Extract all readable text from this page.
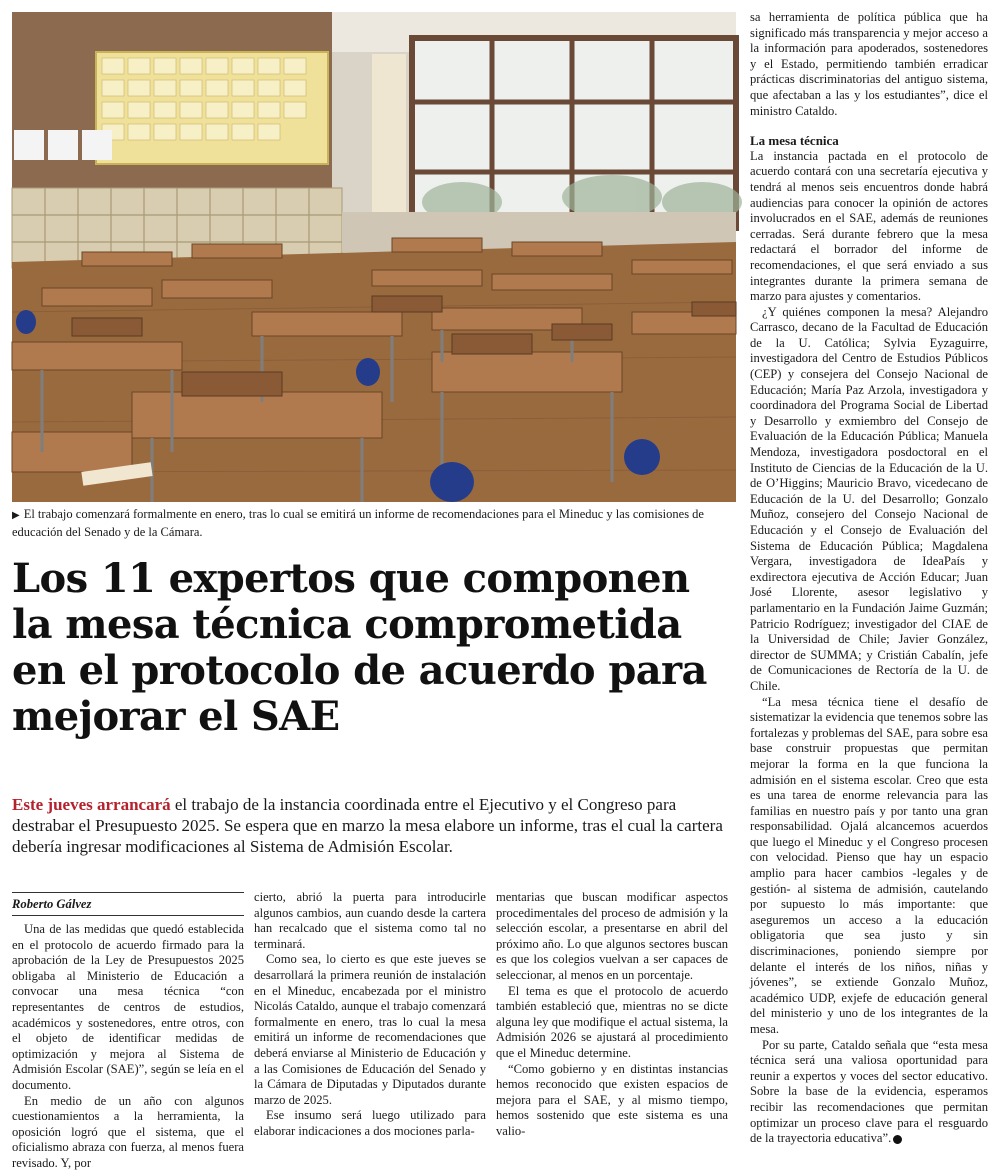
▶ El trabajo comenzará formalmente en enero, tras lo cual se emitirá un informe de recomendaciones para el Mineduc y las comisiones de educación del Senado y de la Cámara.

Los 11 expertos que componen la mesa técnica comprometida en el protocolo de acuerdo para mejorar el SAE

Este jueves arrancará el trabajo de la instancia coordinada entre el Ejecutivo y el Congreso para destrabar el Presupuesto 2025. Se espera que en marzo la mesa elabore un informe, tras el cual la cartera debería ingresar modificaciones al Sistema de Admisión Escolar.

Roberto Gálvez

Una de las medidas que quedó establecida en el protocolo de acuerdo firmado para la aprobación de la Ley de Presupuestos 2025 obligaba al Ministerio de Educación a convocar una mesa técnica “con representantes de centros de estudios, académicos y sostenedores, entre otros, con el objeto de identificar medidas de optimización y mejora al Sistema de Admisión Escolar (SAE)”, según se leía en el documento.

En medio de un año con algunos cuestionamientos a la herramienta, la oposición logró que el sistema, que el oficialismo abraza con fuerza, al menos fuera revisado. Y, por

cierto, abrió la puerta para introducirle algunos cambios, aun cuando desde la cartera han recalcado que el sistema como tal no terminará.

Como sea, lo cierto es que este jueves se desarrollará la primera reunión de instalación en el Mineduc, encabezada por el ministro Nicolás Cataldo, aunque el trabajo comenzará formalmente en enero, tras lo cual la mesa emitirá un informe de recomendaciones que deberá enviarse al Ministerio de Educación y a las Comisiones de Educación del Senado y la Cámara de Diputadas y Diputados durante marzo de 2025.

Ese insumo será luego utilizado para elaborar indicaciones a dos mociones parla-

mentarias que buscan modificar aspectos procedimentales del proceso de admisión y la selección escolar, a presentarse en abril del próximo año. Lo que algunos sectores buscan es que los colegios vuelvan a ser capaces de seleccionar, al menos en un porcentaje.

El tema es que el protocolo de acuerdo también estableció que, mientras no se dicte alguna ley que modifique el actual sistema, la Admisión 2026 se ajustará al procedimiento que el Mineduc determine.

“Como gobierno y en distintas instancias hemos reconocido que existen espacios de mejora para el SAE, y al mismo tiempo, hemos sostenido que este sistema es una valio-

sa herramienta de política pública que ha significado más transparencia y mejor acceso a la información para apoderados, sostenedores y el Estado, permitiendo también erradicar prácticas discriminatorias del antiguo sistema, que afectaban a las y los estudiantes”, dice el ministro Cataldo.

La mesa técnica

La instancia pactada en el protocolo de acuerdo contará con una secretaría ejecutiva y tendrá al menos seis encuentros donde habrá audiencias para conocer la opinión de actores involucrados en el SAE, además de reuniones cerradas. Será durante febrero que la mesa redactará el borrador del informe de recomendaciones, el que será enviado a sus integrantes durante la primera semana de marzo para ajustes y comentarios.

¿Y quiénes componen la mesa? Alejandro Carrasco, decano de la Facultad de Educación de la U. Católica; Sylvia Eyzaguirre, investigadora del Centro de Estudios Públicos (CEP) y consejera del Consejo Nacional de Educación; María Paz Arzola, investigadora y coordinadora del Programa Social de Libertad y Desarrollo y exmiembro del Consejo de Evaluación de la Educación Pública; Manuela Mendoza, investigadora posdoctoral en el Instituto de Ciencias de la Educación de la U. de O’Higgins; Mauricio Bravo, vicedecano de Educación de la U. del Desarrollo; Gonzalo Muñoz, consejero del Consejo Nacional de Educación y el Consejo de Evaluación del Sistema de Educación Pública; Magdalena Vergara, investigadora de IdeaPaís y exdirectora ejecutiva de Acción Educar; Juan José Llorente, asesor legislativo y parlamentario en la Fundación Jaime Guzmán; Patricio Rodríguez; investigador del CIAE de la Universidad de Chile; Javier González, director de SUMMA; y Cristián Cabalín, jefe de Comunicaciones de Rectoría de la U. de Chile.

“La mesa técnica tiene el desafío de sistematizar la evidencia que tenemos sobre las fortalezas y problemas del SAE, para sobre esa base construir propuestas que permitan mejorar la forma en la que funciona la admisión en el sistema escolar. Creo que esta es una tarea de enorme relevancia para las familias en nuestro país y por tanto una gran responsabilidad. Ojalá alcancemos acuerdos que luego el Mineduc y el Congreso procesen con velocidad. Pienso que hay un espacio amplio para hacer cambios -legales y de gestión- al sistema de admisión, cautelando por supuesto lo más importante: que aseguremos un acceso a la educación obligatoria que sea justo y sin discriminaciones, poniendo siempre por delante el interés de los niños, niñas y jóvenes”, se extiende Gonzalo Muñoz, académico UDP, exjefe de educación general del ministerio y uno de los integrantes de la mesa.

Por su parte, Cataldo señala que “esta mesa técnica será una valiosa oportunidad para reunir a expertos y voces del sector educativo. Sobre la base de la evidencia, esperamos recibir las recomendaciones que permitan optimizar un proceso clave para el resguardo de la trayectoria educativa”.
